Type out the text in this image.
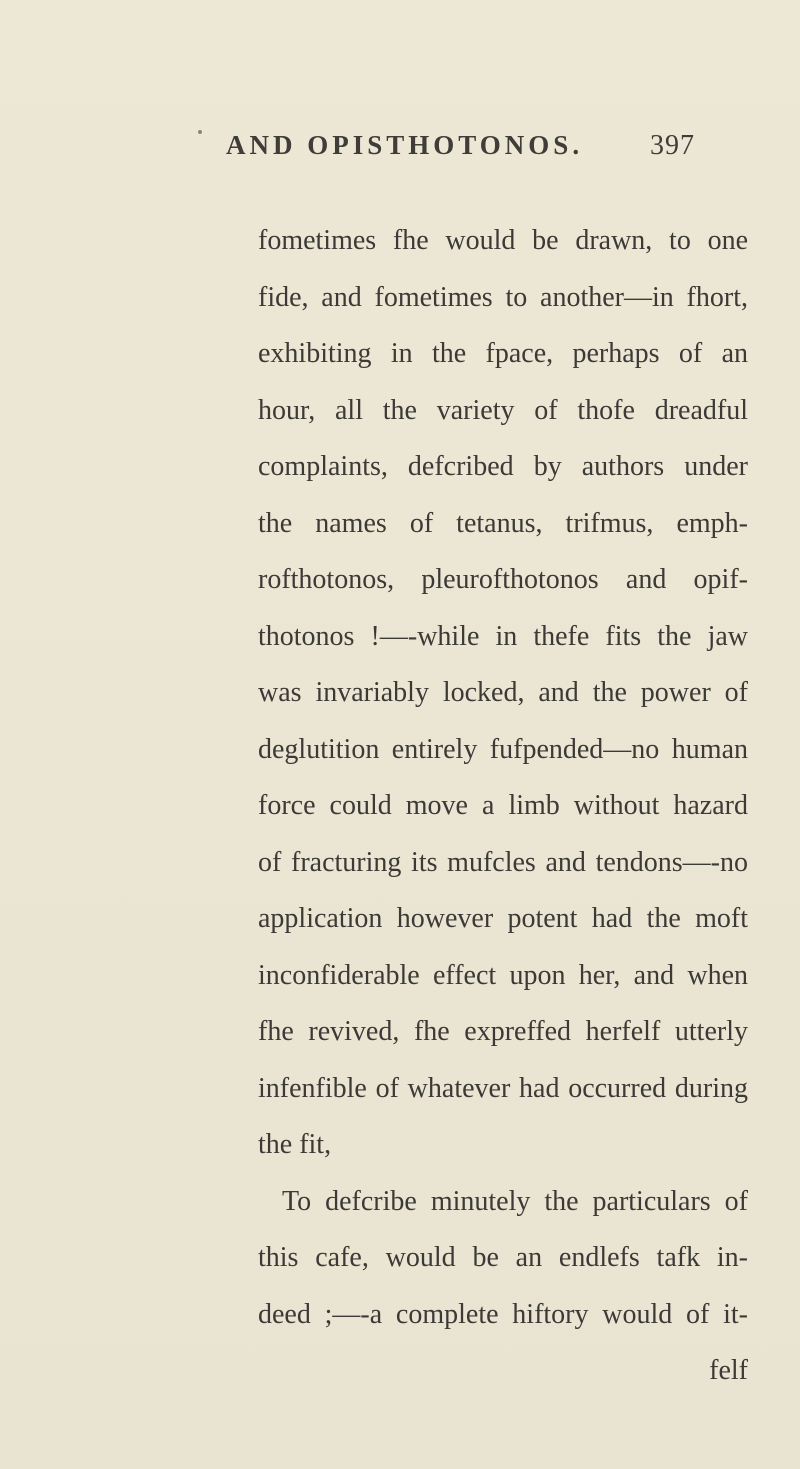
AND OPISTHOTONOS. 397
fometimes fhe would be drawn, to one
fide, and fometimes to another—in fhort,
exhibiting in the fpace, perhaps of an
hour, all the variety of thofe dreadful
complaints, defcribed by authors under
the names of tetanus, trifmus, emph-
rofthotonos, pleurofthotonos and opif-
thotonos !—-while in thefe fits the jaw
was invariably locked, and the power of
deglutition entirely fufpended—no human
force could move a limb without hazard
of fracturing its mufcles and tendons—-no
application however potent had the moft
inconfiderable effect upon her, and when
fhe revived, fhe expreffed herfelf utterly
infenfible of whatever had occurred during
the fit,
To defcribe minutely the particulars of
this cafe, would be an endlefs tafk in-
deed ;—-a complete hiftory would of it-
felf
